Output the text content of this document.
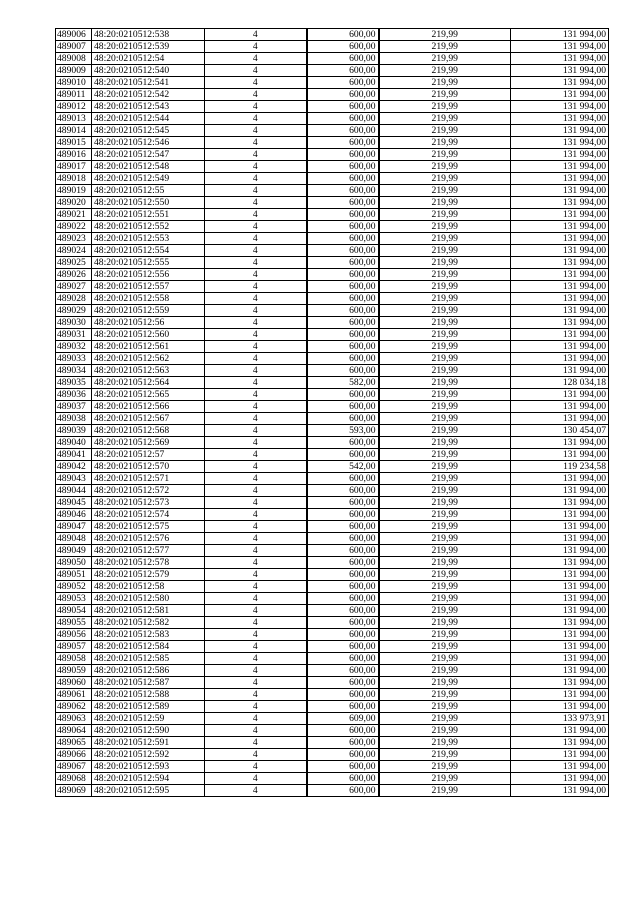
489006	48:20:0210512:538	4	600,00	219,99	131 994,00
489007	48:20:0210512:539	4	600,00	219,99	131 994,00
489008	48:20:0210512:54	4	600,00	219,99	131 994,00
489009	48:20:0210512:540	4	600,00	219,99	131 994,00
489010	48:20:0210512:541	4	600,00	219,99	131 994,00
489011	48:20:0210512:542	4	600,00	219,99	131 994,00
489012	48:20:0210512:543	4	600,00	219,99	131 994,00
489013	48:20:0210512:544	4	600,00	219,99	131 994,00
489014	48:20:0210512:545	4	600,00	219,99	131 994,00
489015	48:20:0210512:546	4	600,00	219,99	131 994,00
489016	48:20:0210512:547	4	600,00	219,99	131 994,00
489017	48:20:0210512:548	4	600,00	219,99	131 994,00
489018	48:20:0210512:549	4	600,00	219,99	131 994,00
489019	48:20:0210512:55	4	600,00	219,99	131 994,00
489020	48:20:0210512:550	4	600,00	219,99	131 994,00
489021	48:20:0210512:551	4	600,00	219,99	131 994,00
489022	48:20:0210512:552	4	600,00	219,99	131 994,00
489023	48:20:0210512:553	4	600,00	219,99	131 994,00
489024	48:20:0210512:554	4	600,00	219,99	131 994,00
489025	48:20:0210512:555	4	600,00	219,99	131 994,00
489026	48:20:0210512:556	4	600,00	219,99	131 994,00
489027	48:20:0210512:557	4	600,00	219,99	131 994,00
489028	48:20:0210512:558	4	600,00	219,99	131 994,00
489029	48:20:0210512:559	4	600,00	219,99	131 994,00
489030	48:20:0210512:56	4	600,00	219,99	131 994,00
489031	48:20:0210512:560	4	600,00	219,99	131 994,00
489032	48:20:0210512:561	4	600,00	219,99	131 994,00
489033	48:20:0210512:562	4	600,00	219,99	131 994,00
489034	48:20:0210512:563	4	600,00	219,99	131 994,00
489035	48:20:0210512:564	4	582,00	219,99	128 034,18
489036	48:20:0210512:565	4	600,00	219,99	131 994,00
489037	48:20:0210512:566	4	600,00	219,99	131 994,00
489038	48:20:0210512:567	4	600,00	219,99	131 994,00
489039	48:20:0210512:568	4	593,00	219,99	130 454,07
489040	48:20:0210512:569	4	600,00	219,99	131 994,00
489041	48:20:0210512:57	4	600,00	219,99	131 994,00
489042	48:20:0210512:570	4	542,00	219,99	119 234,58
489043	48:20:0210512:571	4	600,00	219,99	131 994,00
489044	48:20:0210512:572	4	600,00	219,99	131 994,00
489045	48:20:0210512:573	4	600,00	219,99	131 994,00
489046	48:20:0210512:574	4	600,00	219,99	131 994,00
489047	48:20:0210512:575	4	600,00	219,99	131 994,00
489048	48:20:0210512:576	4	600,00	219,99	131 994,00
489049	48:20:0210512:577	4	600,00	219,99	131 994,00
489050	48:20:0210512:578	4	600,00	219,99	131 994,00
489051	48:20:0210512:579	4	600,00	219,99	131 994,00
489052	48:20:0210512:58	4	600,00	219,99	131 994,00
489053	48:20:0210512:580	4	600,00	219,99	131 994,00
489054	48:20:0210512:581	4	600,00	219,99	131 994,00
489055	48:20:0210512:582	4	600,00	219,99	131 994,00
489056	48:20:0210512:583	4	600,00	219,99	131 994,00
489057	48:20:0210512:584	4	600,00	219,99	131 994,00
489058	48:20:0210512:585	4	600,00	219,99	131 994,00
489059	48:20:0210512:586	4	600,00	219,99	131 994,00
489060	48:20:0210512:587	4	600,00	219,99	131 994,00
489061	48:20:0210512:588	4	600,00	219,99	131 994,00
489062	48:20:0210512:589	4	600,00	219,99	131 994,00
489063	48:20:0210512:59	4	609,00	219,99	133 973,91
489064	48:20:0210512:590	4	600,00	219,99	131 994,00
489065	48:20:0210512:591	4	600,00	219,99	131 994,00
489066	48:20:0210512:592	4	600,00	219,99	131 994,00
489067	48:20:0210512:593	4	600,00	219,99	131 994,00
489068	48:20:0210512:594	4	600,00	219,99	131 994,00
489069	48:20:0210512:595	4	600,00	219,99	131 994,00
